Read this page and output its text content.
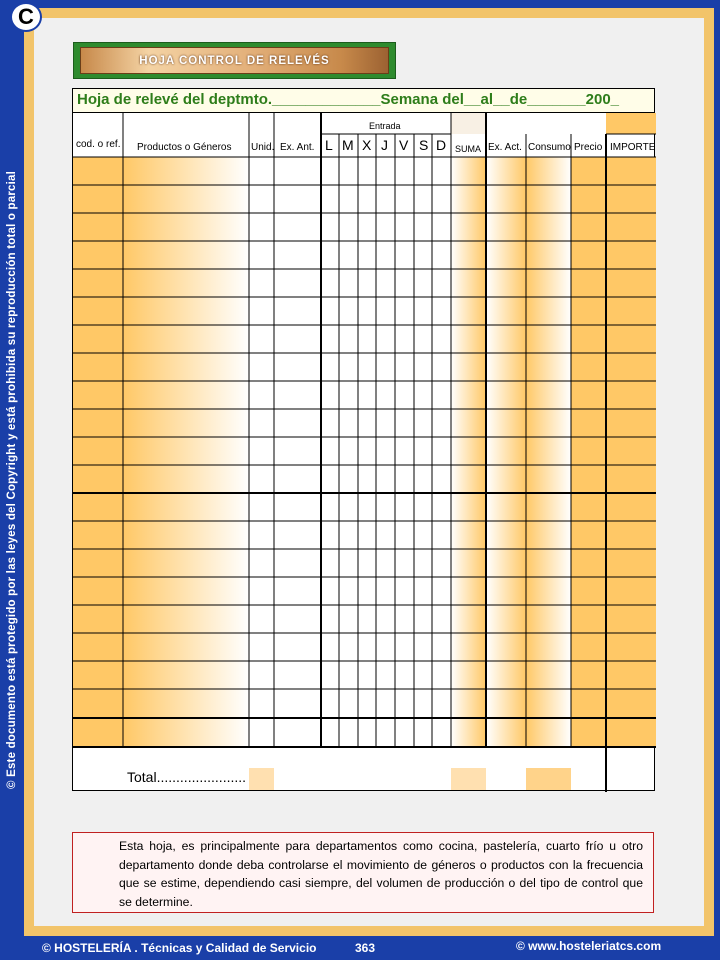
© Este documento está protegido por las leyes del Copyright y está prohibida su reproducción total o parcial
C
HOJA CONTROL DE RELEVÉS
Hoja de relevé del deptmto._____________Semana del__al__de_______200_
cod. o ref. Productos o Géneros Unid. Ex. Ant.
Entrada
L M X J V S D SUMA Ex. Act. Consumo Precio IMPORTE
Total.......................
Esta hoja, es principalmente para departamentos como cocina, pastelería, cuarto frío u otro departamento donde deba controlarse el movimiento de géneros o productos con la frecuencia que se estime, dependiendo casi siempre, del volumen de producción o del tipo de control que se determine.
© HOSTELERÍA . Técnicas y Calidad de Servicio	363	© www.hosteleriatcs.com
